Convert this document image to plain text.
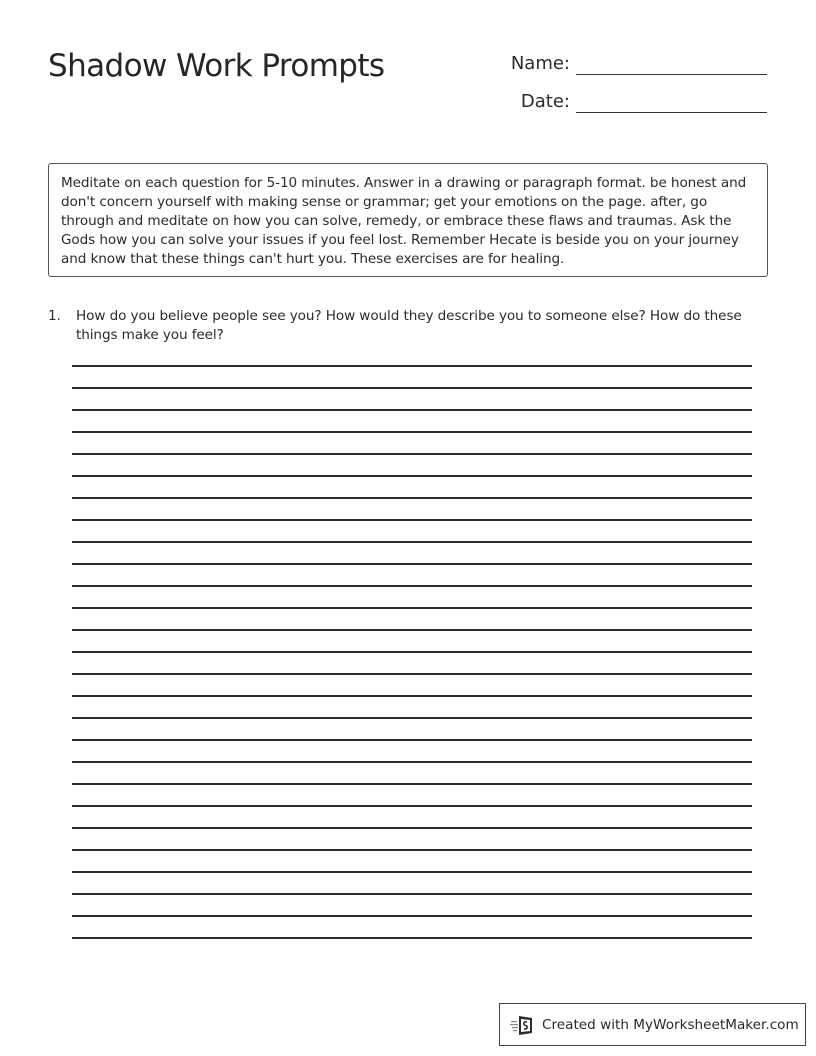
Shadow Work Prompts	Name:
Date:
Meditate on each question for 5-10 minutes. Answer in a drawing or paragraph format. be honest and don't concern yourself with making sense or grammar; get your emotions on the page. after, go through and meditate on how you can solve, remedy, or embrace these flaws and traumas. Ask the Gods how you can solve your issues if you feel lost. Remember Hecate is beside you on your journey and know that these things can't hurt you. These exercises are for healing.
1.	How do you believe people see you? How would they describe you to someone else? How do these things make you feel?
Created with MyWorksheetMaker.com
